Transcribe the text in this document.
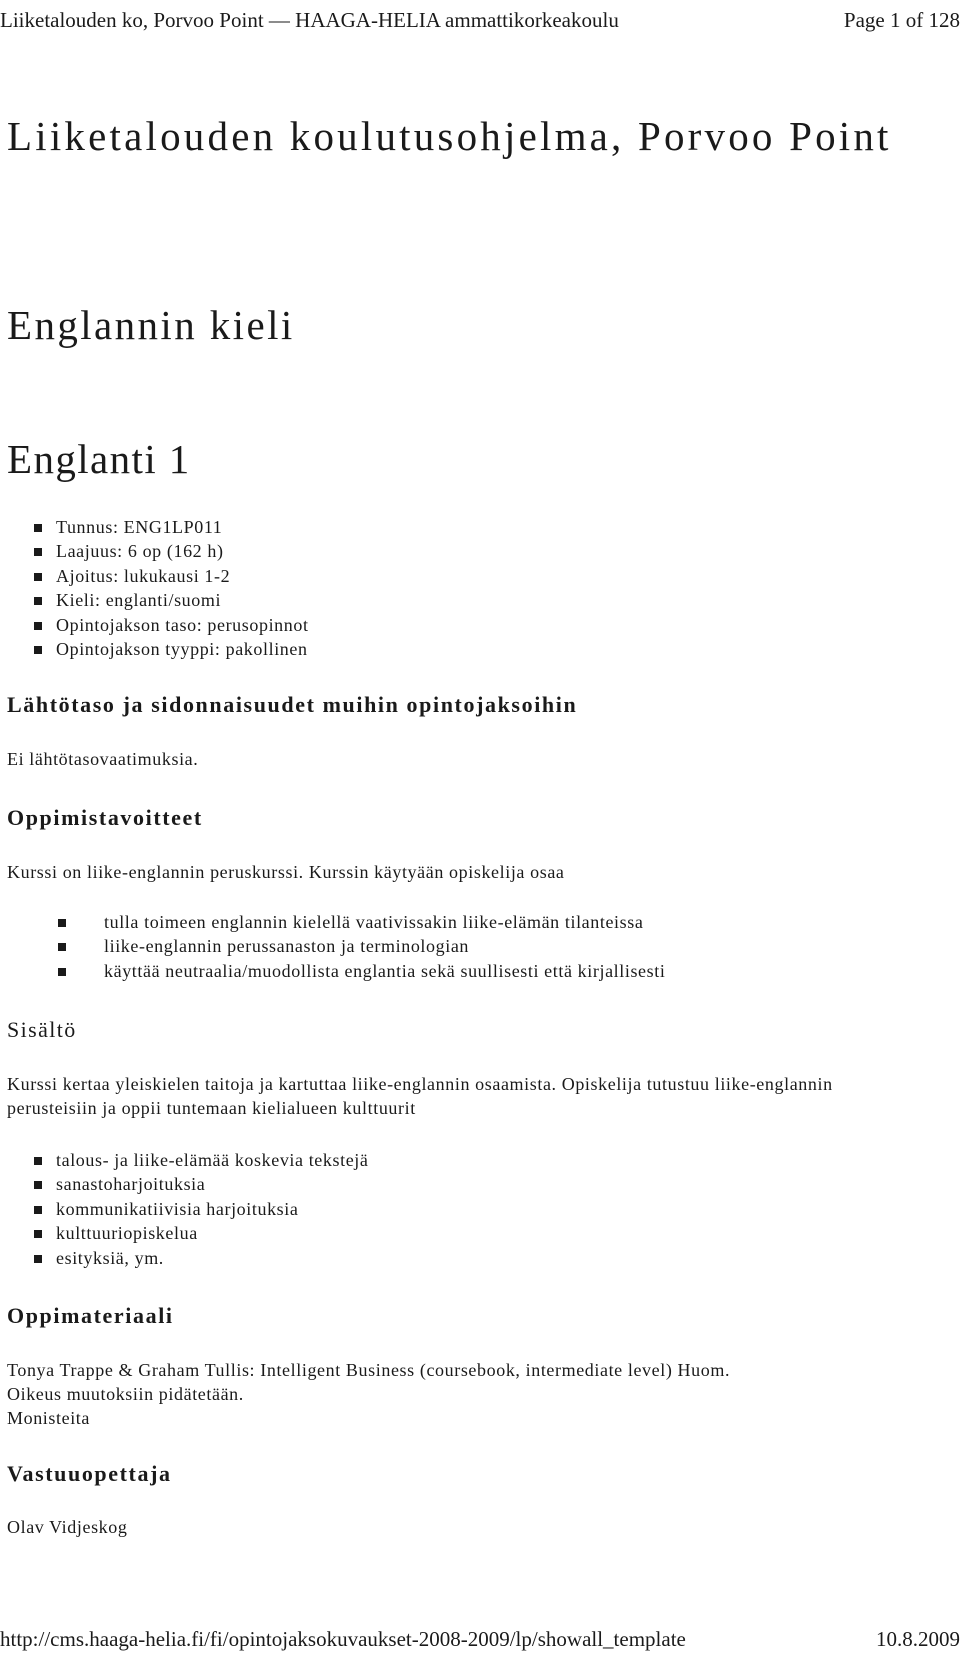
Liiketalouden ko, Porvoo Point — HAAGA-HELIA ammattikorkeakoulu	Page 1 of 128
Liiketalouden koulutusohjelma, Porvoo Point
Englannin kieli
Englanti 1
Tunnus: ENG1LP011
Laajuus: 6 op (162 h)
Ajoitus: lukukausi 1-2
Kieli: englanti/suomi
Opintojakson taso: perusopinnot
Opintojakson tyyppi: pakollinen
Lähtötaso ja sidonnaisuudet muihin opintojaksoihin
Ei lähtötasovaatimuksia.
Oppimistavoitteet
Kurssi on liike-englannin peruskurssi. Kurssin käytyään opiskelija osaa
tulla toimeen englannin kielellä vaativissakin liike-elämän tilanteissa
liike-englannin perussanaston ja terminologian
käyttää neutraalia/muodollista englantia sekä suullisesti että kirjallisesti
Sisältö
Kurssi kertaa yleiskielen taitoja ja kartuttaa liike-englannin osaamista. Opiskelija tutustuu liike-englannin perusteisiin ja oppii tuntemaan kielialueen kulttuurit
talous- ja liike-elämää koskevia tekstejä
sanastoharjoituksia
kommunikatiivisia harjoituksia
kulttuuriopiskelua
esityksiä, ym.
Oppimateriaali
Tonya Trappe & Graham Tullis: Intelligent Business (coursebook, intermediate level) Huom.
Oikeus muutoksiin pidätetään.
Monisteita
Vastuuopettaja
Olav Vidjeskog
http://cms.haaga-helia.fi/fi/opintojaksokuvaukset-2008-2009/lp/showall_template	10.8.2009
